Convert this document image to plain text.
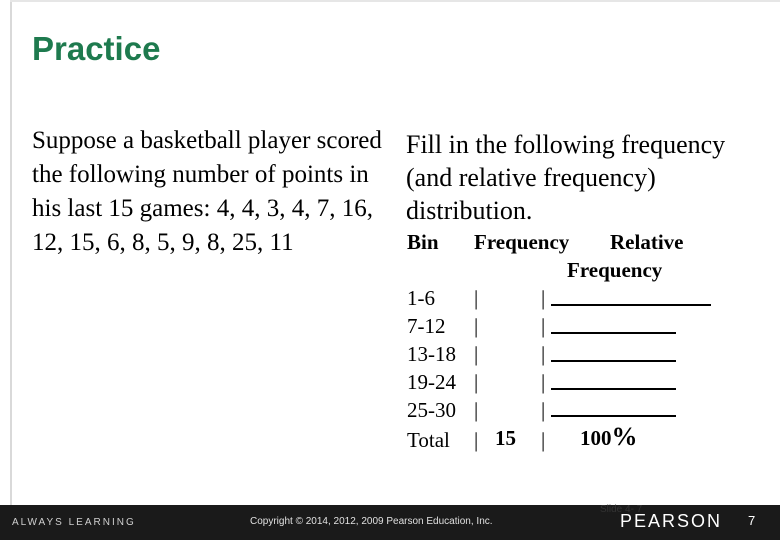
Practice
Suppose a basketball player scored the following number of points in his last 15 games: 4, 4, 3, 4, 7, 16, 12, 15, 6, 8, 5, 9, 8, 25, 11
Fill in the following frequency (and relative frequency) distribution.
Bin Frequency Relative
Frequency
1-6
7-12
13-18
19-24
25-30
|
|
|
|
|
|
|
|
|
|
Total | 15 | 100%
Slide 4- 7
ALWAYS LEARNING	Copyright © 2014, 2012, 2009 Pearson Education, Inc.	PEARSON 7
